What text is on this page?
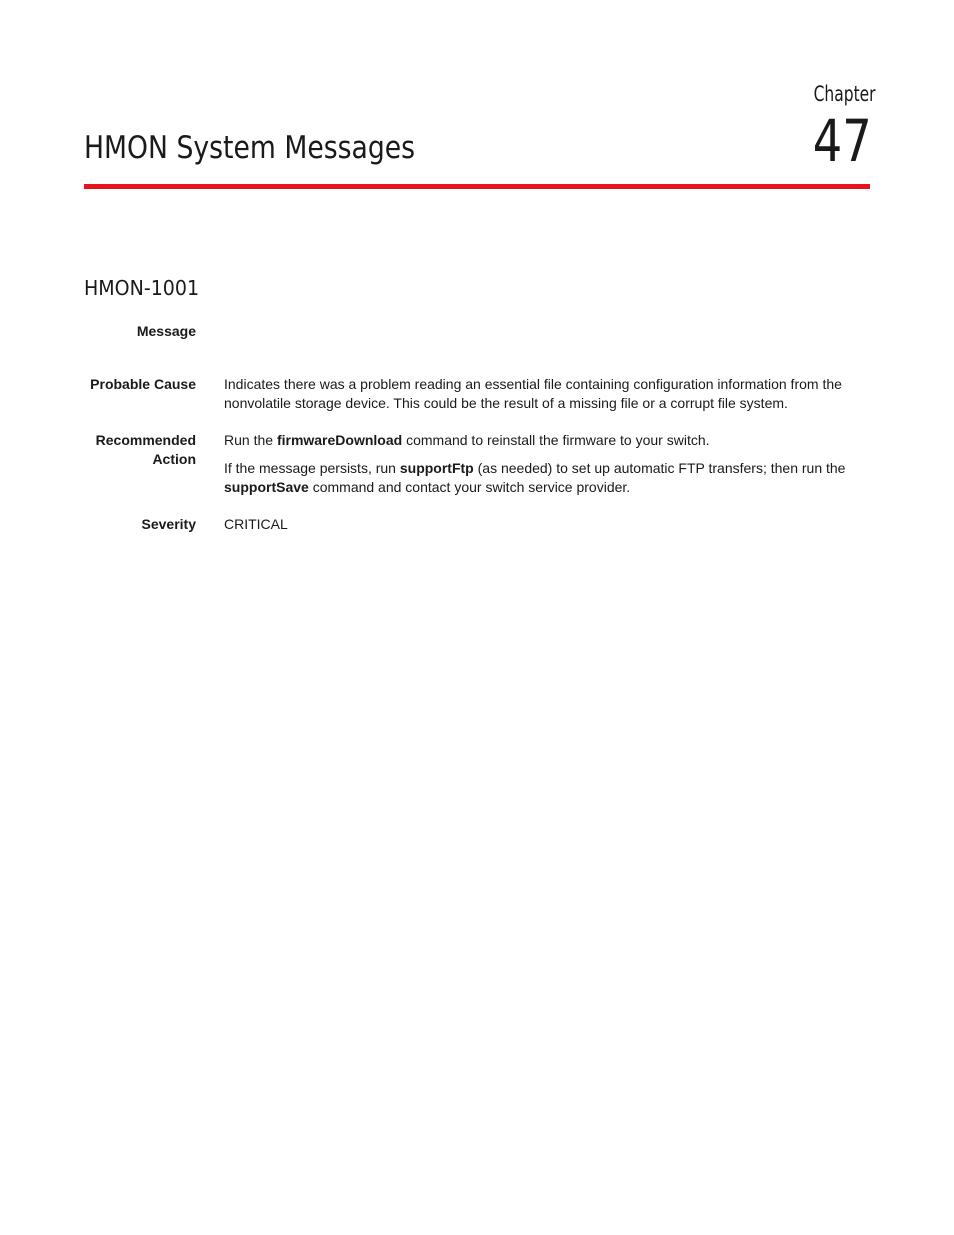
Chapter
47
HMON System Messages
HMON-1001
Message
Probable Cause Indicates there was a problem reading an essential file containing configuration information from the nonvolatile storage device. This could be the result of a missing file or a corrupt file system.

Recommended
Action

Run the firmwareDownload command to reinstall the firmware to your switch.

If the message persists, run supportFtp (as needed) to set up automatic FTP transfers; then run the supportSave command and contact your switch service provider.

Severity CRITICAL
